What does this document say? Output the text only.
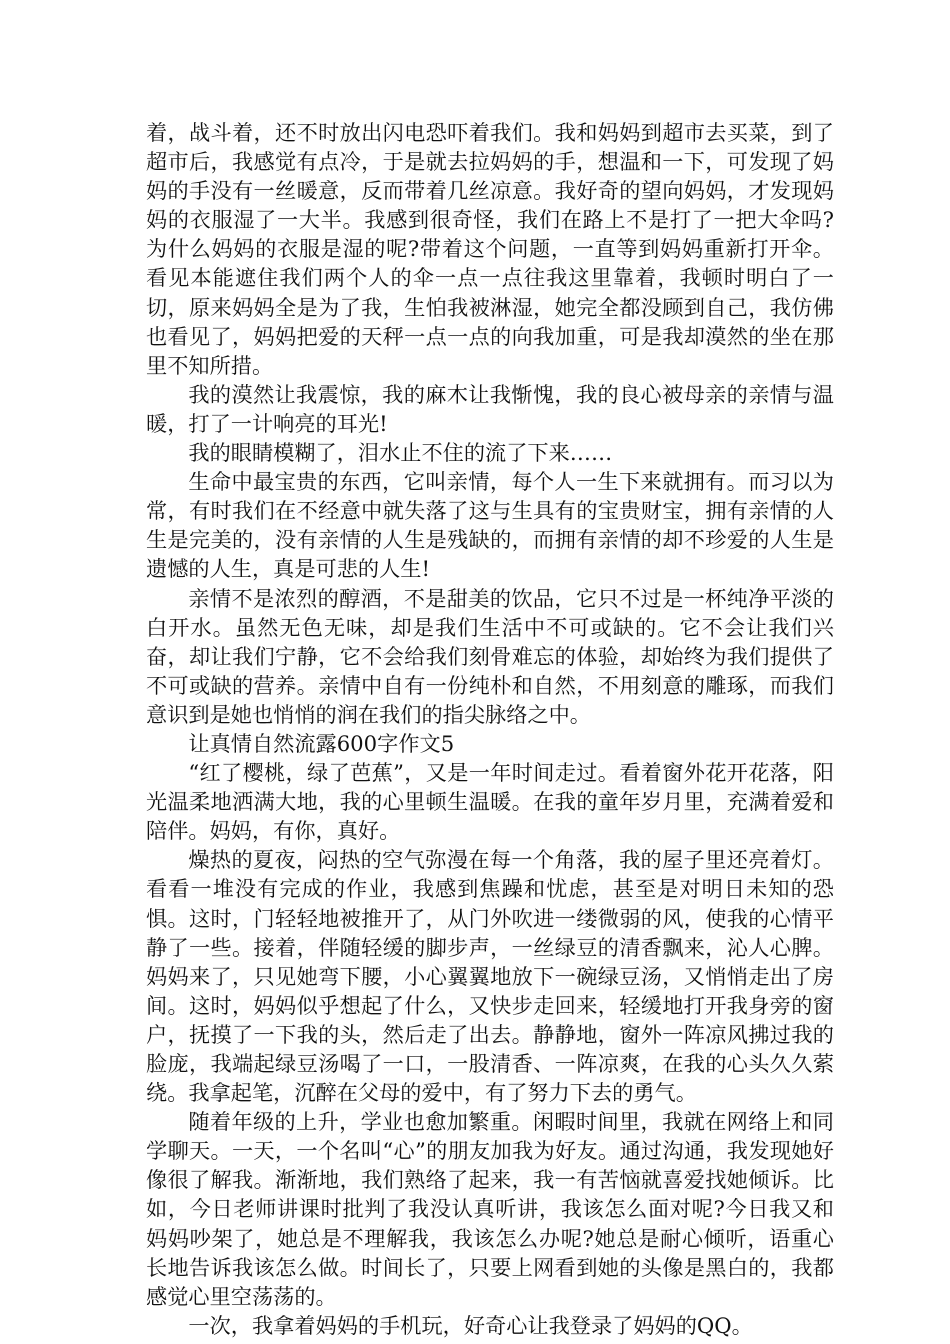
着，战斗着，还不时放出闪电恐吓着我们。我和妈妈到超市去买菜，到了超市后，我感觉有点冷，于是就去拉妈妈的手，想温和一下，可发现了妈妈的手没有一丝暖意，反而带着几丝凉意。我好奇的望向妈妈，才发现妈妈的衣服湿了一大半。我感到很奇怪，我们在路上不是打了一把大伞吗?为什么妈妈的衣服是湿的呢?带着这个问题，一直等到妈妈重新打开伞。看见本能遮住我们两个人的伞一点一点往我这里靠着，我顿时明白了一切，原来妈妈全是为了我，生怕我被淋湿，她完全都没顾到自己，我仿佛也看见了，妈妈把爱的天秤一点一点的向我加重，可是我却漠然的坐在那里不知所措。

我的漠然让我震惊，我的麻木让我惭愧，我的良心被母亲的亲情与温暖，打了一计响亮的耳光!

我的眼睛模糊了，泪水止不住的流了下来……

生命中最宝贵的东西，它叫亲情，每个人一生下来就拥有。而习以为常，有时我们在不经意中就失落了这与生具有的宝贵财宝，拥有亲情的人生是完美的，没有亲情的人生是残缺的，而拥有亲情的却不珍爱的人生是遗憾的人生，真是可悲的人生!

亲情不是浓烈的醇酒，不是甜美的饮品，它只不过是一杯纯净平淡的白开水。虽然无色无味，却是我们生活中不可或缺的。它不会让我们兴奋，却让我们宁静，它不会给我们刻骨难忘的体验，却始终为我们提供了不可或缺的营养。亲情中自有一份纯朴和自然，不用刻意的雕琢，而我们意识到是她也悄悄的润在我们的指尖脉络之中。

让真情自然流露600字作文5

“红了樱桃，绿了芭蕉”，又是一年时间走过。看着窗外花开花落，阳光温柔地洒满大地，我的心里顿生温暖。在我的童年岁月里，充满着爱和陪伴。妈妈，有你，真好。

燥热的夏夜，闷热的空气弥漫在每一个角落，我的屋子里还亮着灯。看看一堆没有完成的作业，我感到焦躁和忧虑，甚至是对明日未知的恐惧。这时，门轻轻地被推开了，从门外吹进一缕微弱的风，使我的心情平静了一些。接着，伴随轻缓的脚步声，一丝绿豆的清香飘来，沁人心脾。妈妈来了，只见她弯下腰，小心翼翼地放下一碗绿豆汤，又悄悄走出了房间。这时，妈妈似乎想起了什么，又快步走回来，轻缓地打开我身旁的窗户，抚摸了一下我的头，然后走了出去。静静地，窗外一阵凉风拂过我的脸庞，我端起绿豆汤喝了一口，一股清香、一阵凉爽，在我的心头久久萦绕。我拿起笔，沉醉在父母的爱中，有了努力下去的勇气。

随着年级的上升，学业也愈加繁重。闲暇时间里，我就在网络上和同学聊天。一天，一个名叫“心”的朋友加我为好友。通过沟通，我发现她好像很了解我。渐渐地，我们熟络了起来，我一有苦恼就喜爱找她倾诉。比如，今日老师讲课时批判了我没认真听讲，我该怎么面对呢?今日我又和妈妈吵架了，她总是不理解我，我该怎么办呢?她总是耐心倾听，语重心长地告诉我该怎么做。时间长了，只要上网看到她的头像是黑白的，我都感觉心里空荡荡的。

一次，我拿着妈妈的手机玩，好奇心让我登录了妈妈的QQ。
